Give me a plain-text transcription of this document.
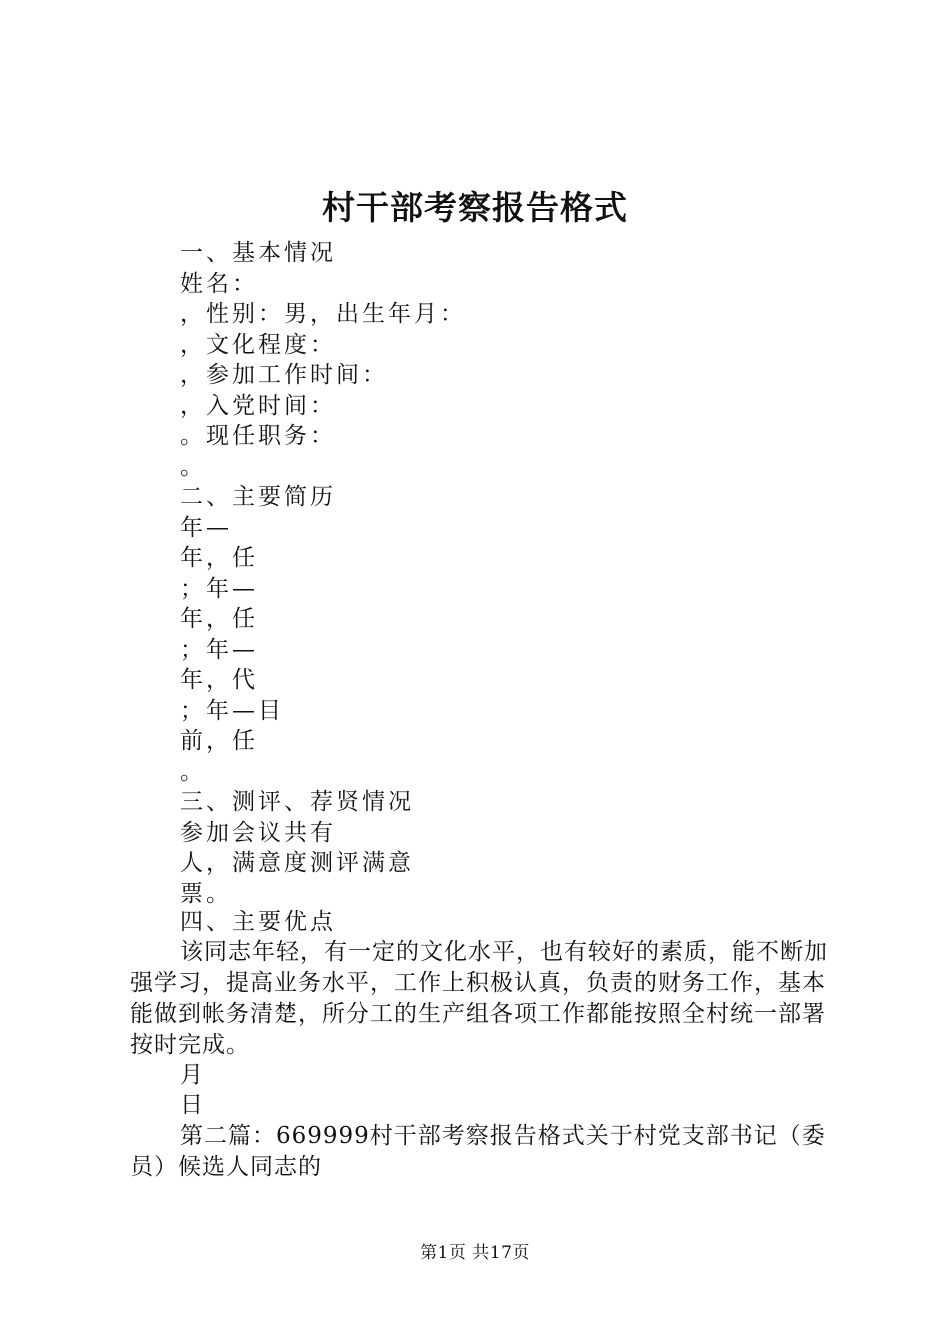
村干部考察报告格式
一、基本情况
姓名：
，性别：男，出生年月：
，文化程度：
，参加工作时间：
，入党时间：
。现任职务：
。
二、主要简历
年—
年，任
；年—
年，任
；年—
年，代
；年—目
前，任
。
三、测评、荐贤情况
参加会议共有
人，满意度测评满意
票。
四、主要优点
该同志年轻，有一定的文化水平，也有较好的素质，能不断加强学习，提高业务水平，工作上积极认真，负责的财务工作，基本能做到帐务清楚，所分工的生产组各项工作都能按照全村统一部署按时完成。
月
日
第二篇：669999村干部考察报告格式关于村党支部书记（委员）候选人同志的
第1页 共17页
